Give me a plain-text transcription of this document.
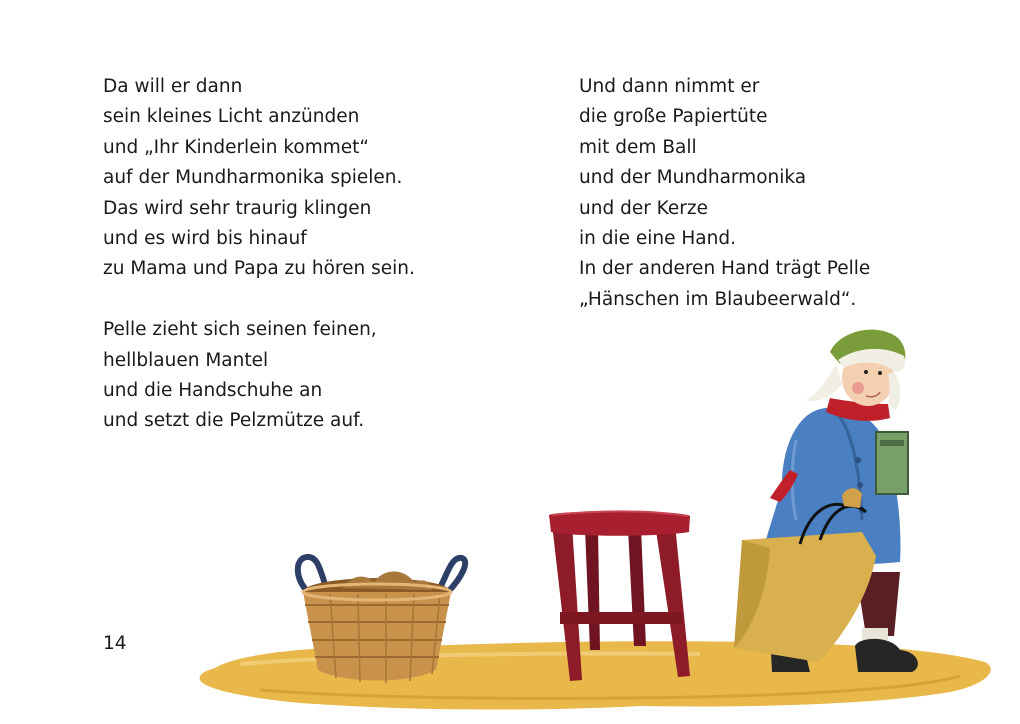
Da will er dann
sein kleines Licht anzünden
und „Ihr Kinderlein kommet“
auf der Mundharmonika spielen.
Das wird sehr traurig klingen
und es wird bis hinauf
zu Mama und Papa zu hören sein.
Pelle zieht sich seinen feinen,
hellblauen Mantel
und die Handschuhe an
und setzt die Pelzmütze auf.
Und dann nimmt er
die große Papiertüte
mit dem Ball
und der Mundharmonika
und der Kerze
in die eine Hand.
In der anderen Hand trägt Pelle
„Hänschen im Blaubeerwald“.
14
